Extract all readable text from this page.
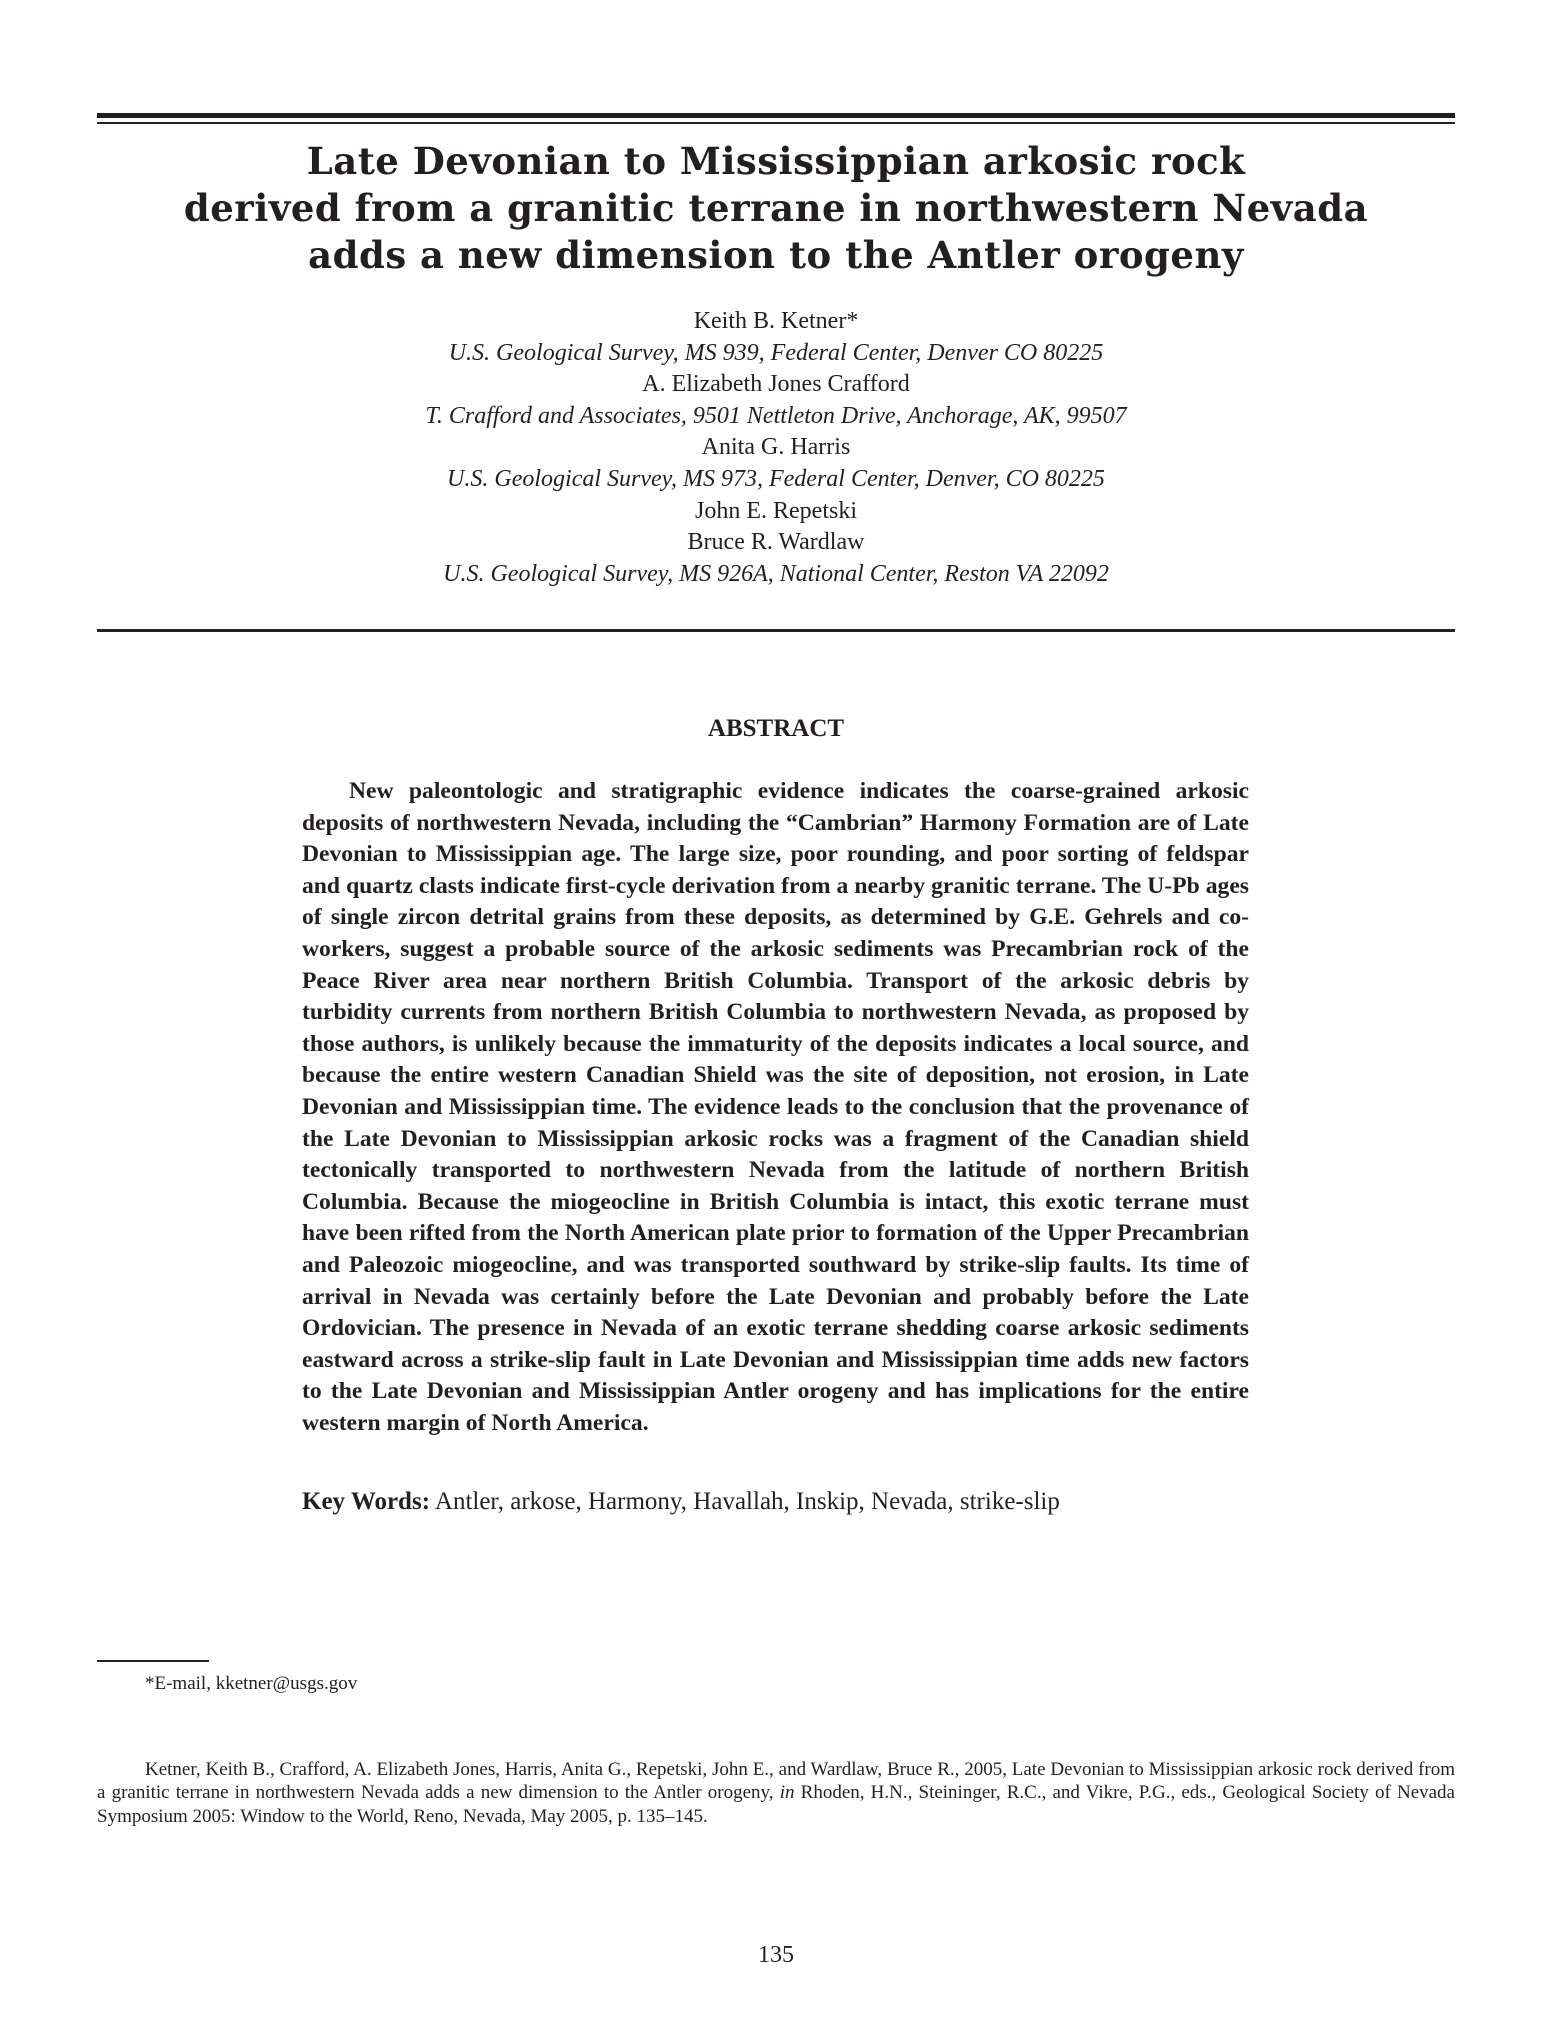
Late Devonian to Mississippian arkosic rock
derived from a granitic terrane in northwestern Nevada
adds a new dimension to the Antler orogeny
Keith B. Ketner*
U.S. Geological Survey, MS 939, Federal Center, Denver CO 80225
A. Elizabeth Jones Crafford
T. Crafford and Associates, 9501 Nettleton Drive, Anchorage, AK, 99507
Anita G. Harris
U.S. Geological Survey, MS 973, Federal Center, Denver, CO 80225
John E. Repetski
Bruce R. Wardlaw
U.S. Geological Survey, MS 926A, National Center, Reston VA 22092
ABSTRACT

New paleontologic and stratigraphic evidence indicates the coarse-grained arkosic deposits of northwestern Nevada, including the “Cambrian” Harmony Formation are of Late Devonian to Mississippian age. The large size, poor rounding, and poor sorting of feldspar and quartz clasts indicate first-cycle derivation from a nearby granitic terrane. The U-Pb ages of single zircon detrital grains from these deposits, as determined by G.E. Gehrels and co-workers, suggest a probable source of the arkosic sediments was Precambrian rock of the Peace River area near northern British Columbia. Transport of the arkosic debris by turbidity currents from northern British Columbia to northwestern Nevada, as proposed by those authors, is unlikely because the immaturity of the deposits indicates a local source, and because the entire western Canadian Shield was the site of deposition, not erosion, in Late Devonian and Mississippian time. The evidence leads to the conclusion that the provenance of the Late Devonian to Mississippian arkosic rocks was a fragment of the Canadian shield tectonically transported to northwestern Nevada from the latitude of northern British Columbia. Because the miogeocline in British Columbia is intact, this exotic terrane must have been rifted from the North American plate prior to formation of the Upper Precambrian and Paleozoic miogeocline, and was transported southward by strike-slip faults. Its time of arrival in Nevada was certainly before the Late Devonian and probably before the Late Ordovician. The presence in Nevada of an exotic terrane shedding coarse arkosic sediments eastward across a strike-slip fault in Late Devonian and Mississippian time adds new factors to the Late Devonian and Mississippian Antler orogeny and has implications for the entire western margin of North America.

Key Words: Antler, arkose, Harmony, Havallah, Inskip, Nevada, strike-slip

*E-mail, kketner@usgs.gov

Ketner, Keith B., Crafford, A. Elizabeth Jones, Harris, Anita G., Repetski, John E., and Wardlaw, Bruce R., 2005, Late Devonian to Mississippian arkosic rock derived from a granitic terrane in northwestern Nevada adds a new dimension to the Antler orogeny, in Rhoden, H.N., Steininger, R.C., and Vikre, P.G., eds., Geological Society of Nevada Symposium 2005: Window to the World, Reno, Nevada, May 2005, p. 135–145.

135
